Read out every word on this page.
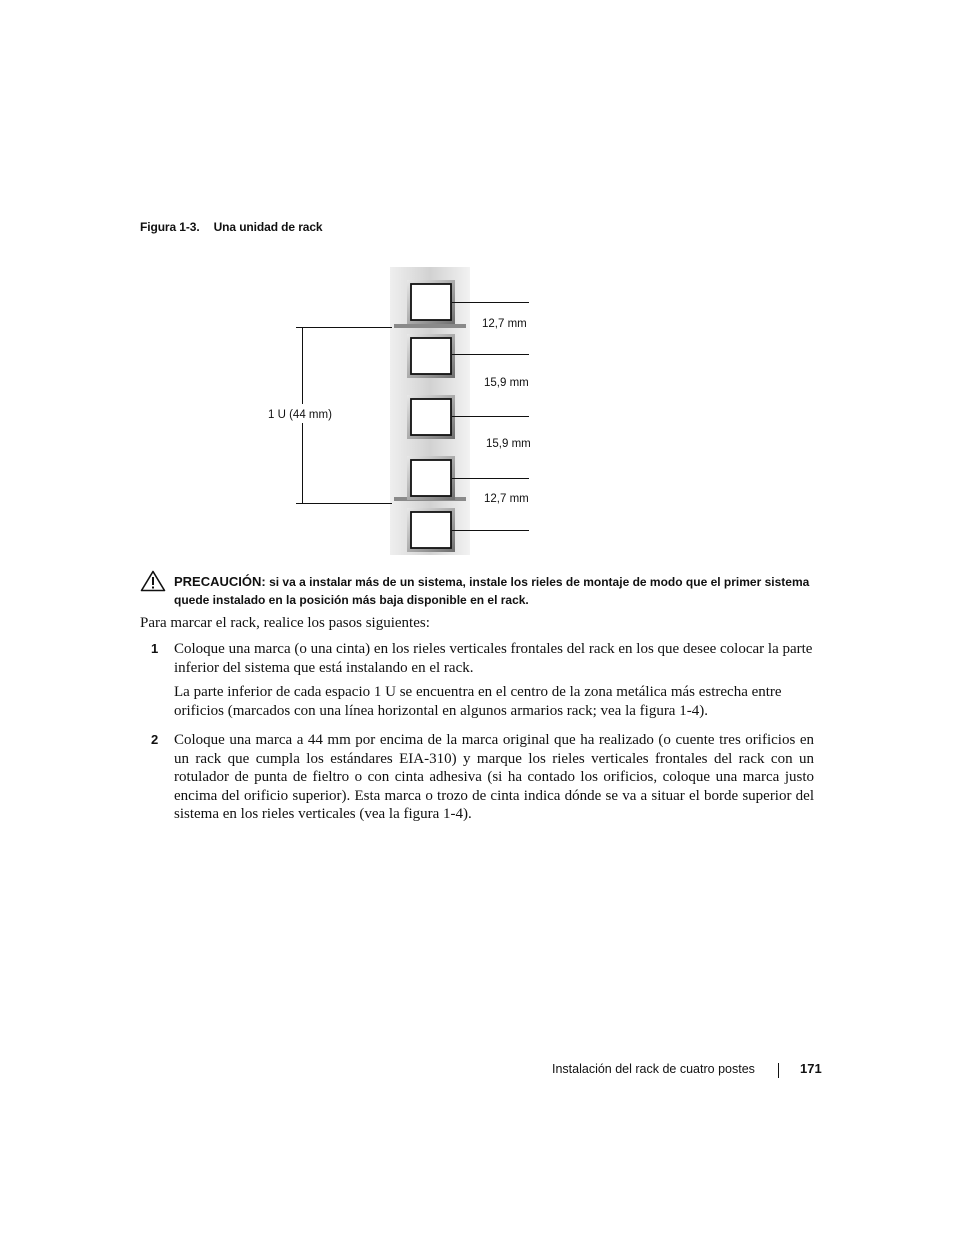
Figura 1-3. Una unidad de rack
1 U (44 mm)
12,7 mm
15,9 mm
15,9 mm
12,7 mm
PRECAUCIÓN: si va a instalar más de un sistema, instale los rieles de montaje de modo que el primer sistema
quede instalado en la posición más baja disponible en el rack.
Para marcar el rack, realice los pasos siguientes:
1 Coloque una marca (o una cinta) en los rieles verticales frontales del rack en los que desee colocar la parte inferior del sistema que está instalando en el rack.
La parte inferior de cada espacio 1 U se encuentra en el centro de la zona metálica más estrecha entre orificios (marcados con una línea horizontal en algunos armarios rack; vea la figura 1-4).
2 Coloque una marca a 44 mm por encima de la marca original que ha realizado (o cuente tres orificios en un rack que cumpla los estándares EIA-310) y marque los rieles verticales frontales del rack con un rotulador de punta de fieltro o con cinta adhesiva (si ha contado los orificios, coloque una marca justo encima del orificio superior). Esta marca o trozo de cinta indica dónde se va a situar el borde superior del sistema en los rieles verticales (vea la figura 1-4).
Instalación del rack de cuatro postes	171
